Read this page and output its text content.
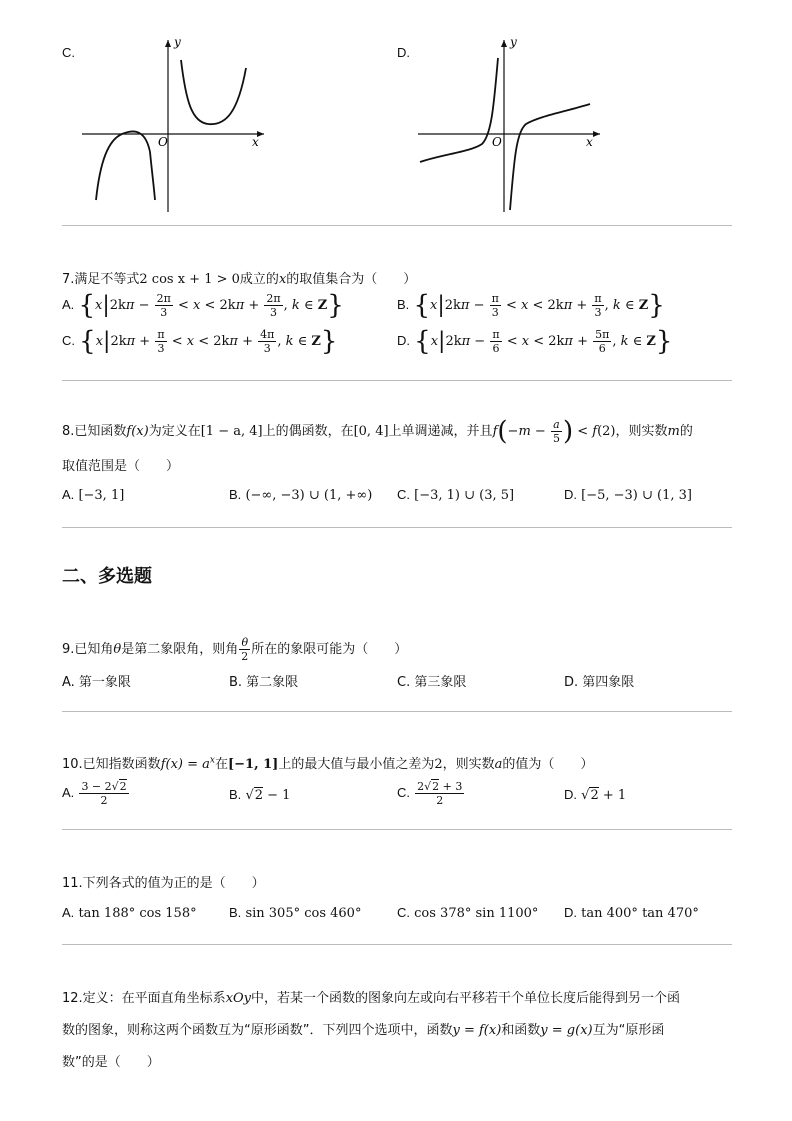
C.
y
x
O
D.
y
x
O
7.满足不等式2 cos x + 1 > 0成立的x的取值集合为（　　）
A. {$x|2k\pi - \frac{2\pi}{3} < x < 2k\pi + \frac{2\pi}{3}$ , k ∈ Z}	B. {$x|2k\pi - \frac{\pi}{3} < x < 2k\pi + \frac{\pi}{3}$ , k ∈ Z}
C. {$x|2k\pi + \frac{\pi}{3} < x < 2k\pi + \frac{4\pi}{3}$ , k ∈ Z}	D. {$x|2k\pi - \frac{\pi}{6} < x < 2k\pi + \frac{5\pi}{6}$ , k ∈ Z}
8.已知函数f(x)为定义在[1 − a, 4]上的偶函数，在[0, 4]上单调递减，并且$f(-m - \frac{a}{5}$ ) < f(2)，则实数m的
取值范围是（　　）
A. [−3, 1]	B. (−∞, −3) ∪ (1, +∞) C. [−3, 1) ∪ (3, 5]	D. [−5, −3) ∪ (1, 3]
二、多选题
9.已知角θ是第二象限角，则角 $\frac{\theta}{2}$ 所在的象限可能为（　　）
A. 第一象限	B. 第二象限	C. 第三象限	D. 第四象限
10.已知指数函数$f(x) = a^x$在[−1, 1]上的最大值与最小值之差为2，则实数a的值为（　　）
A. $\frac{3 - 2√2}{2}$	B. √2 − 1	C. $\frac{2√2 + 3}{2}$	D. √2 + 1
11.下列各式的值为正的是（　　）
A. tan 188° cos 158° B. sin 305° cos 460°	C. cos 378° sin 1100° D. tan 400° tan 470°
12.定义：在平面直角坐标系xOy中，若某一个函数的图象向左或向右平移若干个单位长度后能得到另一个函
数的图象，则称这两个函数互为“原形函数”．下列四个选项中，函数y = f(x)和函数y = g(x)互为“原形函
数”的是（　　）
